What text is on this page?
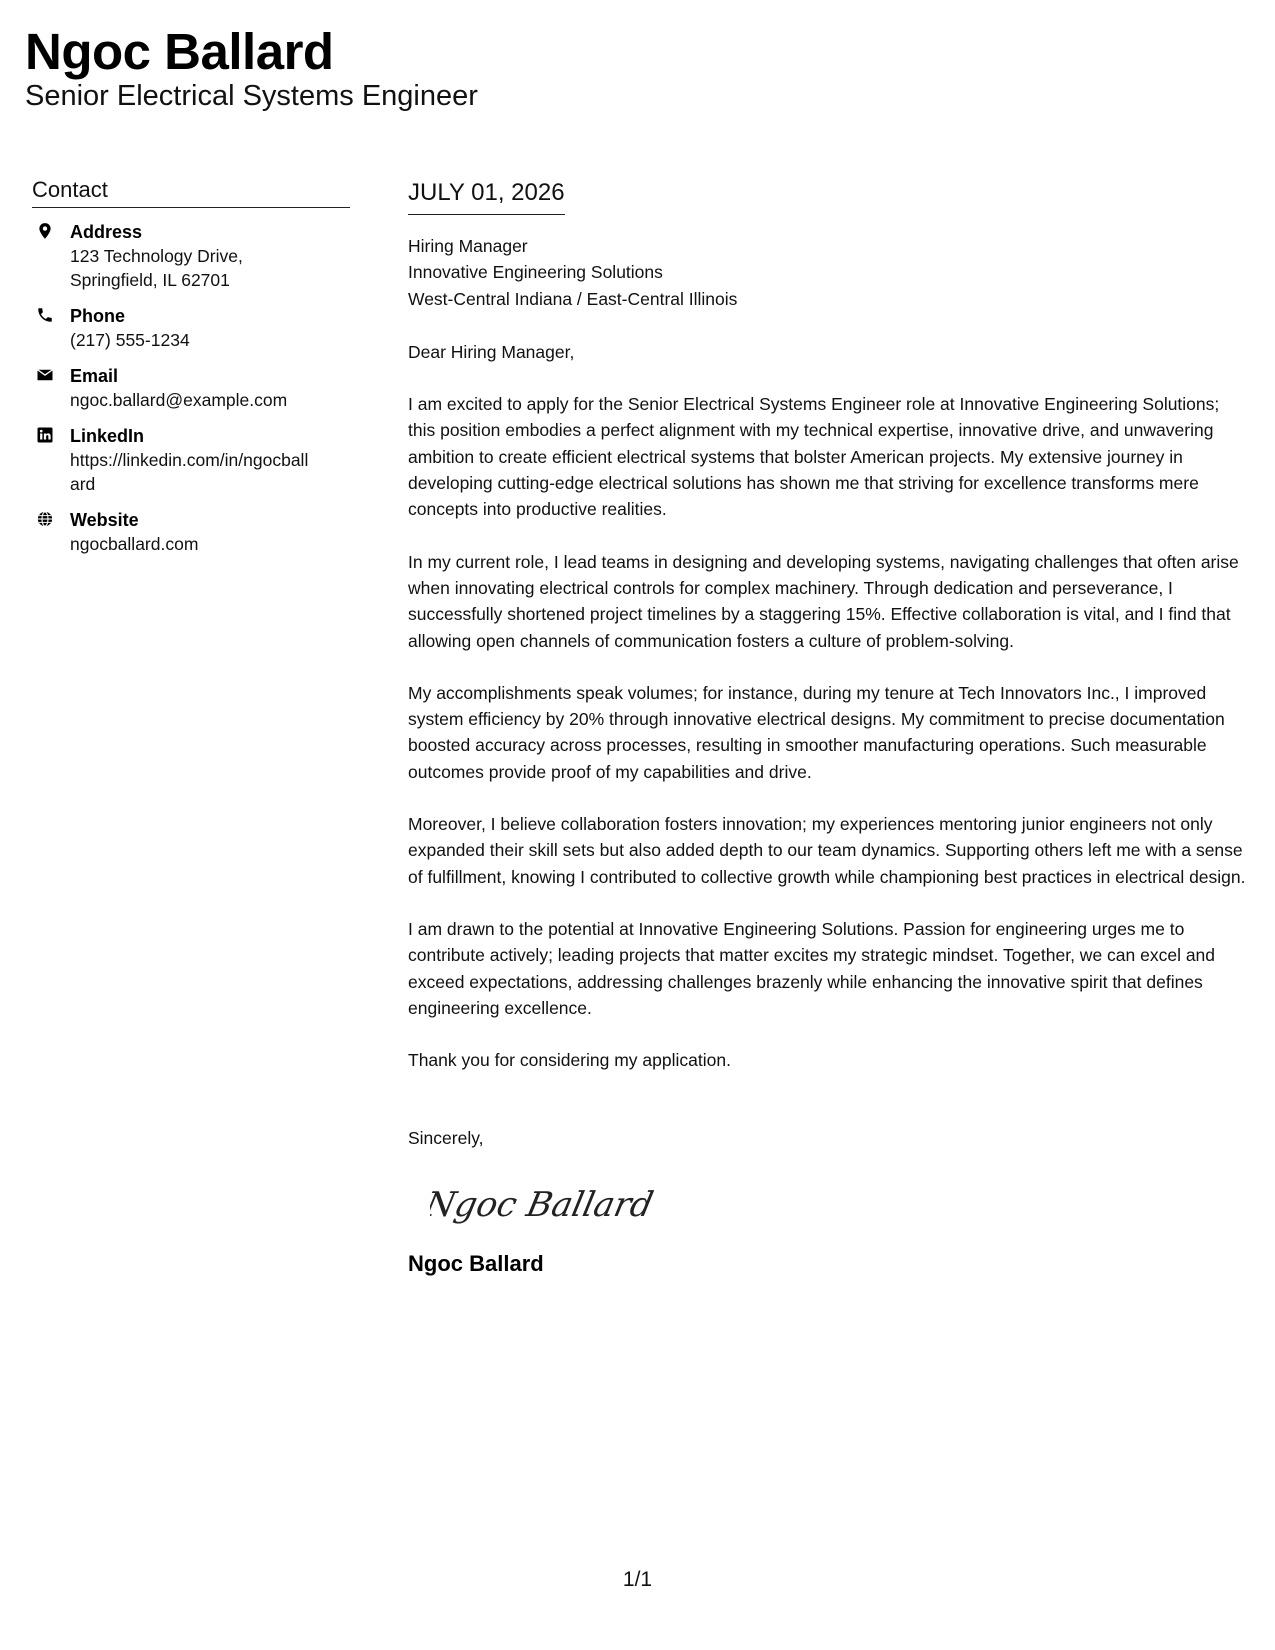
Ngoc Ballard
Senior Electrical Systems Engineer
Contact
Address
123 Technology Drive,
Springfield, IL 62701
Phone
(217) 555-1234
Email
ngoc.ballard@example.com
LinkedIn
https://linkedin.com/in/ngocball
ard
Website
ngocballard.com
JULY 01, 2026
Hiring Manager
Innovative Engineering Solutions
West-Central Indiana / East-Central Illinois
Dear Hiring Manager,
I am excited to apply for the Senior Electrical Systems Engineer role at Innovative Engineering Solutions; this position embodies a perfect alignment with my technical expertise, innovative drive, and unwavering ambition to create efficient electrical systems that bolster American projects. My extensive journey in developing cutting-edge electrical solutions has shown me that striving for excellence transforms mere concepts into productive realities.
In my current role, I lead teams in designing and developing systems, navigating challenges that often arise when innovating electrical controls for complex machinery. Through dedication and perseverance, I successfully shortened project timelines by a staggering 15%. Effective collaboration is vital, and I find that allowing open channels of communication fosters a culture of problem-solving.
My accomplishments speak volumes; for instance, during my tenure at Tech Innovators Inc., I improved system efficiency by 20% through innovative electrical designs. My commitment to precise documentation boosted accuracy across processes, resulting in smoother manufacturing operations. Such measurable outcomes provide proof of my capabilities and drive.
Moreover, I believe collaboration fosters innovation; my experiences mentoring junior engineers not only expanded their skill sets but also added depth to our team dynamics. Supporting others left me with a sense of fulfillment, knowing I contributed to collective growth while championing best practices in electrical design.
I am drawn to the potential at Innovative Engineering Solutions. Passion for engineering urges me to contribute actively; leading projects that matter excites my strategic mindset. Together, we can excel and exceed expectations, addressing challenges brazenly while enhancing the innovative spirit that defines engineering excellence.
Thank you for considering my application.
Sincerely,
Ngoc Ballard
Ngoc Ballard
1/1
